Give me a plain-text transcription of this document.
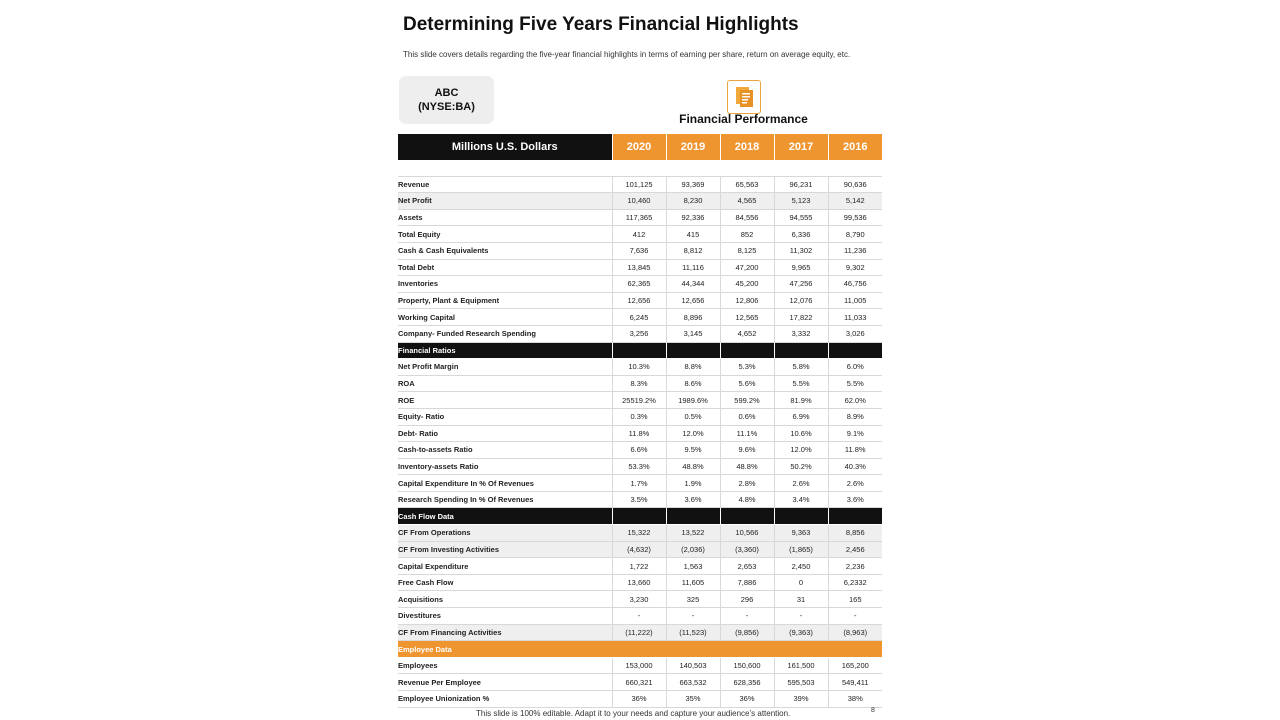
Determining Five Years Financial Highlights
This slide covers details regarding the five-year financial highlights in terms of earning per share, return on average equity, etc.
ABC
(NYSE:BA)
Financial Performance
Millions U.S. Dollars	2020	2019	2018	2017	2016

Revenue	101,125	93,369	65,563	96,231	90,636
Net Profit	10,460	8,230	4,565	5,123	5,142
Assets	117,365	92,336	84,556	94,555	99,536
Total Equity	412	415	852	6,336	8,790
Cash & Cash Equivalents	7,636	8,812	8,125	11,302	11,236
Total Debt	13,845	11,116	47,200	9,965	9,302
Inventories	62,365	44,344	45,200	47,256	46,756
Property, Plant & Equipment	12,656	12,656	12,806	12,076	11,005
Working Capital	6,245	8,896	12,565	17,822	11,033
Company- Funded Research Spending	3,256	3,145	4,652	3,332	3,026
Financial Ratios					
Net Profit Margin	10.3%	8.8%	5.3%	5.8%	6.0%
ROA	8.3%	8.6%	5.6%	5.5%	5.5%
ROE	25519.2%	1989.6%	599.2%	81.9%	62.0%
Equity- Ratio	0.3%	0.5%	0.6%	6.9%	8.9%
Debt- Ratio	11.8%	12.0%	11.1%	10.6%	9.1%
Cash-to-assets Ratio	6.6%	9.5%	9.6%	12.0%	11.8%
Inventory-assets Ratio	53.3%	48.8%	48.8%	50.2%	40.3%
Capital Expenditure In % Of Revenues	1.7%	1.9%	2.8%	2.6%	2.6%
Research Spending In % Of Revenues	3.5%	3.6%	4.8%	3.4%	3.6%
Cash Flow Data					
CF From Operations	15,322	13,522	10,566	9,363	8,856
CF From Investing Activities	(4,632)	(2,036)	(3,360)	(1,865)	2,456
Capital Expenditure	1,722	1,563	2,653	2,450	2,236
Free Cash Flow	13,660	11,605	7,886	0	6,2332
Acquisitions	3,230	325	296	31	165
Divestitures	-	-	-	-	-
CF From Financing Activities	(11,222)	(11,523)	(9,856)	(9,363)	(8,963)
Employee Data					
Employees	153,000	140,503	150,600	161,500	165,200
Revenue Per Employee	660,321	663,532	628,356	595,503	549,411
Employee Unionization %	36%	35%	36%	39%	38%
This slide is 100% editable. Adapt it to your needs and capture your audience’s attention.	8
